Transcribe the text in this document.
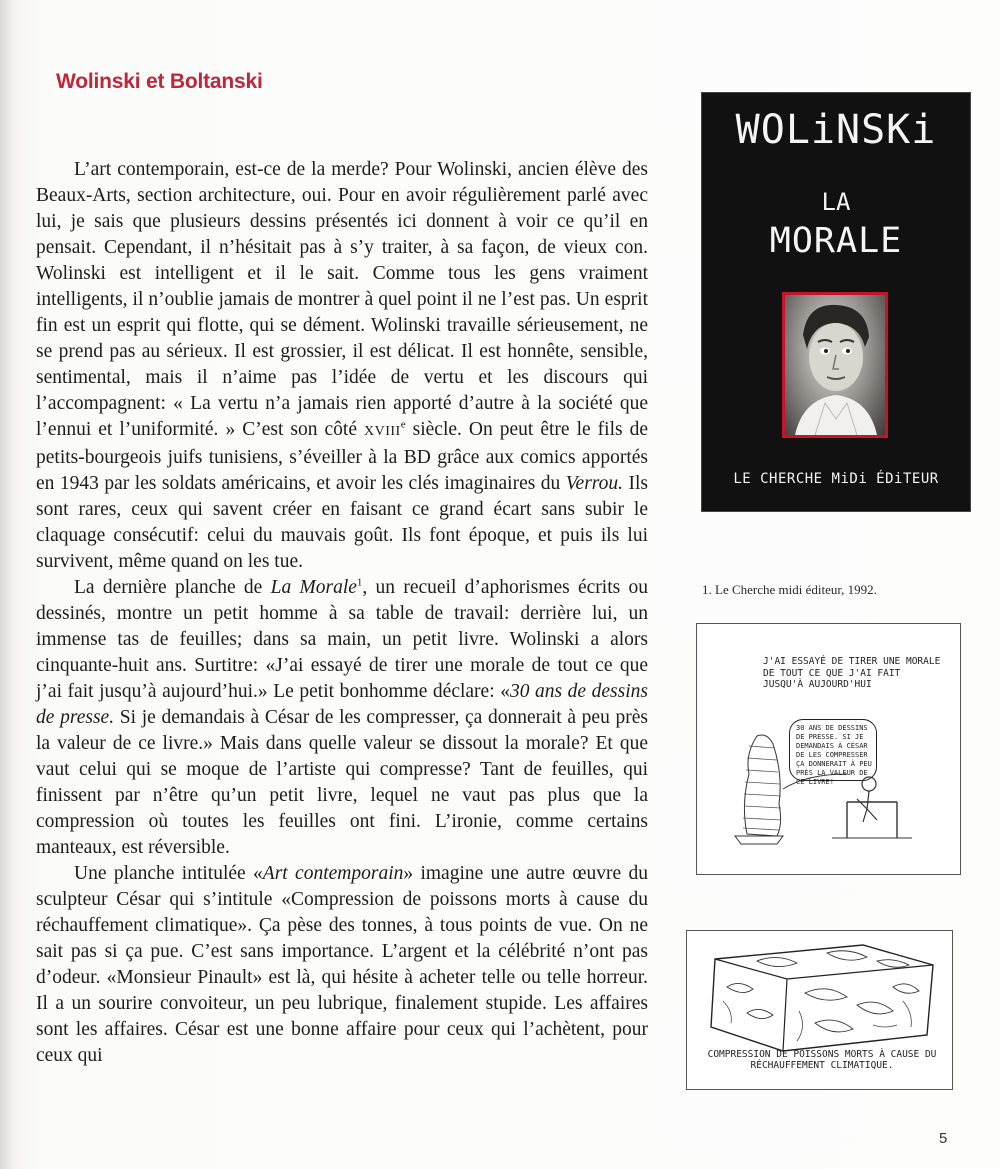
Wolinski et Boltanski

L’art contemporain, est-ce de la merde? Pour Wolinski, ancien élève des Beaux-Arts, section architecture, oui. Pour en avoir régulièrement parlé avec lui, je sais que plusieurs dessins présentés ici donnent à voir ce qu’il en pensait. Cependant, il n’hésitait pas à s’y traiter, à sa façon, de vieux con. Wolinski est intelligent et il le sait. Comme tous les gens vraiment intelligents, il n’oublie jamais de montrer à quel point il ne l’est pas. Un esprit fin est un esprit qui flotte, qui se dément. Wolinski travaille sérieusement, ne se prend pas au sérieux. Il est grossier, il est délicat. Il est honnête, sensible, sentimental, mais il n’aime pas l’idée de vertu et les discours qui l’accompagnent: « La vertu n’a jamais rien apporté d’autre à la société que l’ennui et l’uniformité. » C’est son côté XVIIIe siècle. On peut être le fils de petits-bourgeois juifs tunisiens, s’éveiller à la BD grâce aux comics apportés en 1943 par les soldats américains, et avoir les clés imaginaires du Verrou. Ils sont rares, ceux qui savent créer en faisant ce grand écart sans subir le claquage consécutif: celui du mauvais goût. Ils font époque, et puis ils lui survivent, même quand on les tue.

La dernière planche de La Morale$^1$, un recueil d’aphorismes écrits ou dessinés, montre un petit homme à sa table de travail: derrière lui, un immense tas de feuilles; dans sa main, un petit livre. Wolinski a alors cinquante-huit ans. Surtitre: «J’ai essayé de tirer une morale de tout ce que j’ai fait jusqu’à aujourd’hui.» Le petit bonhomme déclare: «30 ans de dessins de presse. Si je demandais à César de les compresser, ça donnerait à peu près la valeur de ce livre.» Mais dans quelle valeur se dissout la morale? Et que vaut celui qui se moque de l’artiste qui compresse? Tant de feuilles, qui finissent par n’être qu’un petit livre, lequel ne vaut pas plus que la compression où toutes les feuilles ont fini. L’ironie, comme certains manteaux, est réversible.

Une planche intitulée «Art contemporain» imagine une autre œuvre du sculpteur César qui s’intitule «Compression de poissons morts à cause du réchauffement climatique». Ça pèse des tonnes, à tous points de vue. On ne sait pas si ça pue. C’est sans importance. L’argent et la célébrité n’ont pas d’odeur. «Monsieur Pinault» est là, qui hésite à acheter telle ou telle horreur. Il a un sourire convoiteur, un peu lubrique, finalement stupide. Les affaires sont les affaires. César est une bonne affaire pour ceux qui l’achètent, pour ceux qui

WOLiNSKi
LA
MORALE
LE CHERCHE MiDi ÉDiTEUR
1. Le Cherche midi éditeur, 1992.
J'AI ESSAYÉ DE TIRER UNE MORALE DE TOUT CE QUE J'AI FAIT JUSQU'À AUJOURD'HUI
30 ANS DE DESSINS DE PRESSE. SI JE DEMANDAIS À CÉSAR DE LES COMPRESSER ÇA DONNERAIT À PEU PRÈS LA VALEUR DE CE LIVRE!
COMPRESSION DE POISSONS MORTS À CAUSE DU RÉCHAUFFEMENT CLIMATIQUE.
5
